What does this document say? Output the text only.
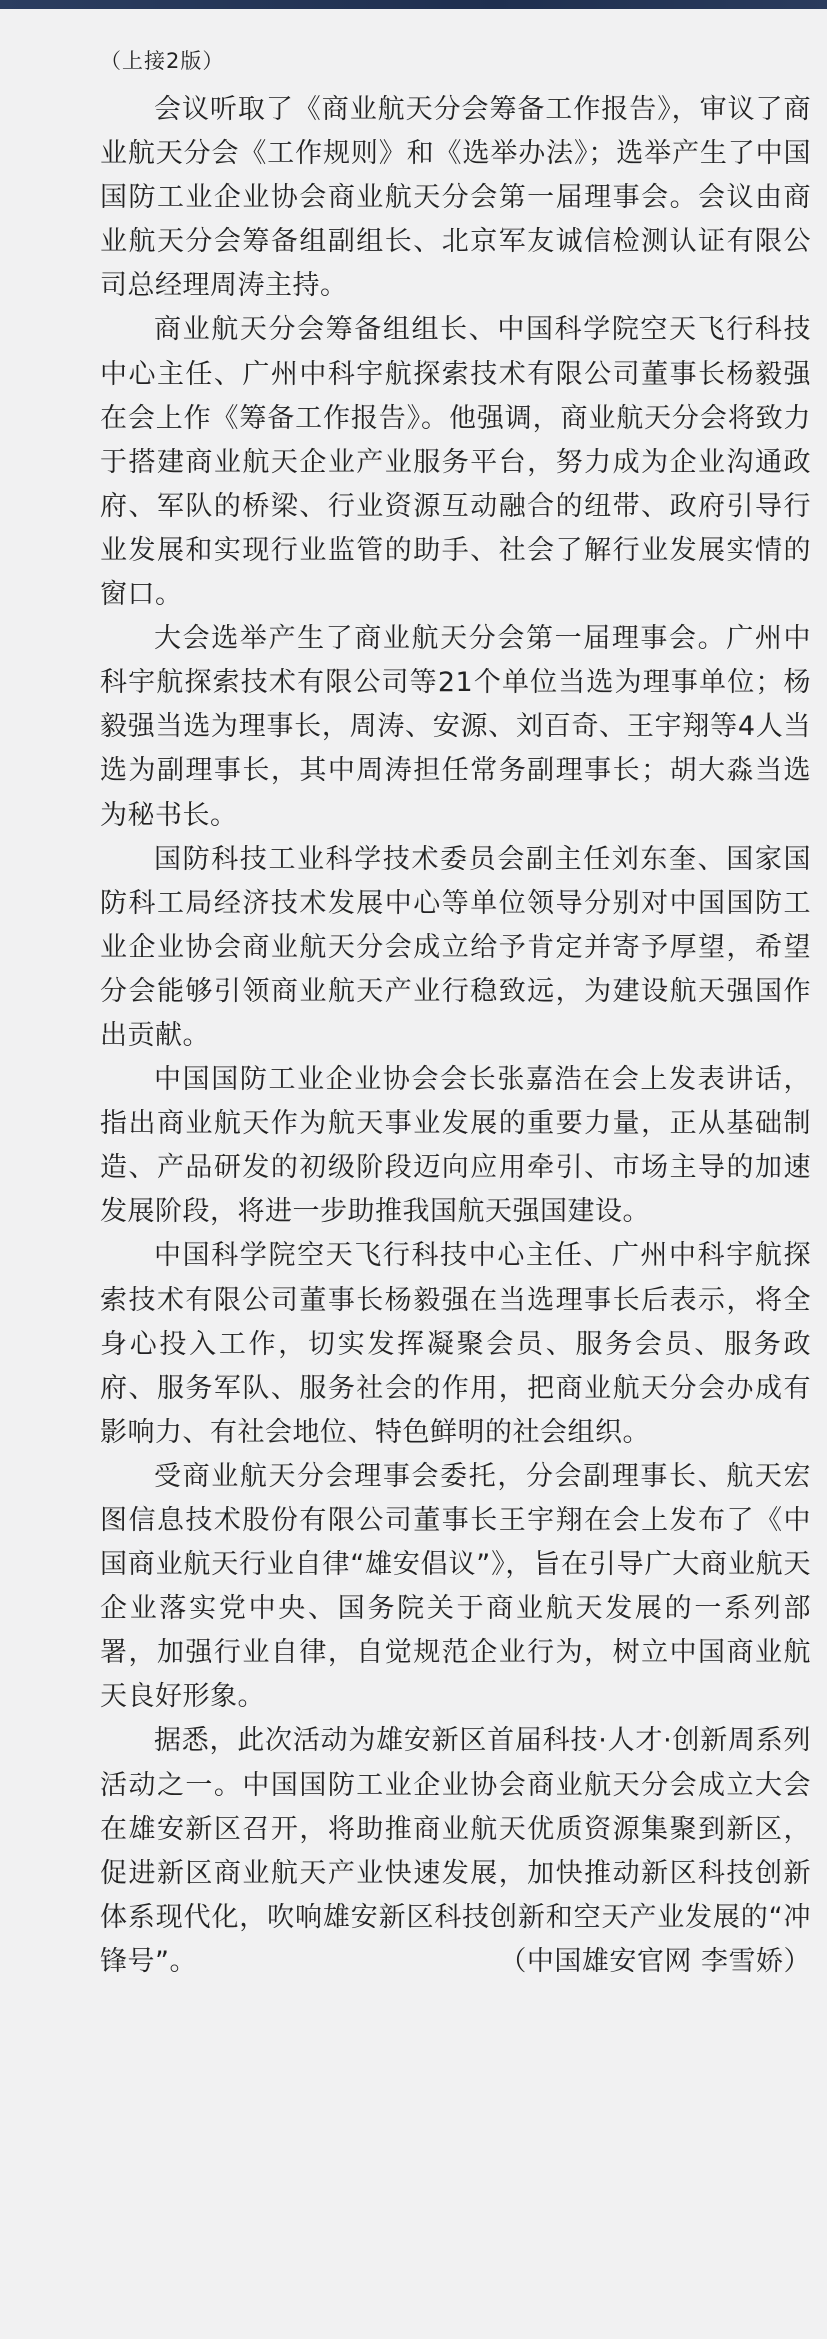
（上接2版）

会议听取了《商业航天分会筹备工作报告》，审议了商业航天分会《工作规则》和《选举办法》；选举产生了中国国防工业企业协会商业航天分会第一届理事会。会议由商业航天分会筹备组副组长、北京军友诚信检测认证有限公司总经理周涛主持。

商业航天分会筹备组组长、中国科学院空天飞行科技中心主任、广州中科宇航探索技术有限公司董事长杨毅强在会上作《筹备工作报告》。他强调，商业航天分会将致力于搭建商业航天企业产业服务平台，努力成为企业沟通政府、军队的桥梁、行业资源互动融合的纽带、政府引导行业发展和实现行业监管的助手、社会了解行业发展实情的窗口。

大会选举产生了商业航天分会第一届理事会。广州中科宇航探索技术有限公司等21个单位当选为理事单位；杨毅强当选为理事长，周涛、安源、刘百奇、王宇翔等4人当选为副理事长，其中周涛担任常务副理事长；胡大淼当选为秘书长。

国防科技工业科学技术委员会副主任刘东奎、国家国防科工局经济技术发展中心等单位领导分别对中国国防工业企业协会商业航天分会成立给予肯定并寄予厚望，希望分会能够引领商业航天产业行稳致远，为建设航天强国作出贡献。

中国国防工业企业协会会长张嘉浩在会上发表讲话，指出商业航天作为航天事业发展的重要力量，正从基础制造、产品研发的初级阶段迈向应用牵引、市场主导的加速发展阶段，将进一步助推我国航天强国建设。

中国科学院空天飞行科技中心主任、广州中科宇航探索技术有限公司董事长杨毅强在当选理事长后表示，将全身心投入工作，切实发挥凝聚会员、服务会员、服务政府、服务军队、服务社会的作用，把商业航天分会办成有影响力、有社会地位、特色鲜明的社会组织。

受商业航天分会理事会委托，分会副理事长、航天宏图信息技术股份有限公司董事长王宇翔在会上发布了《中国商业航天行业自律“雄安倡议”》，旨在引导广大商业航天企业落实党中央、国务院关于商业航天发展的一系列部署，加强行业自律，自觉规范企业行为，树立中国商业航天良好形象。

据悉，此次活动为雄安新区首届科技·人才·创新周系列活动之一。中国国防工业企业协会商业航天分会成立大会在雄安新区召开，将助推商业航天优质资源集聚到新区，促进新区商业航天产业快速发展，加快推动新区科技创新体系现代化，吹响雄安新区科技创新和空天产业发展的“冲锋号”。	（中国雄安官网 李雪娇）
